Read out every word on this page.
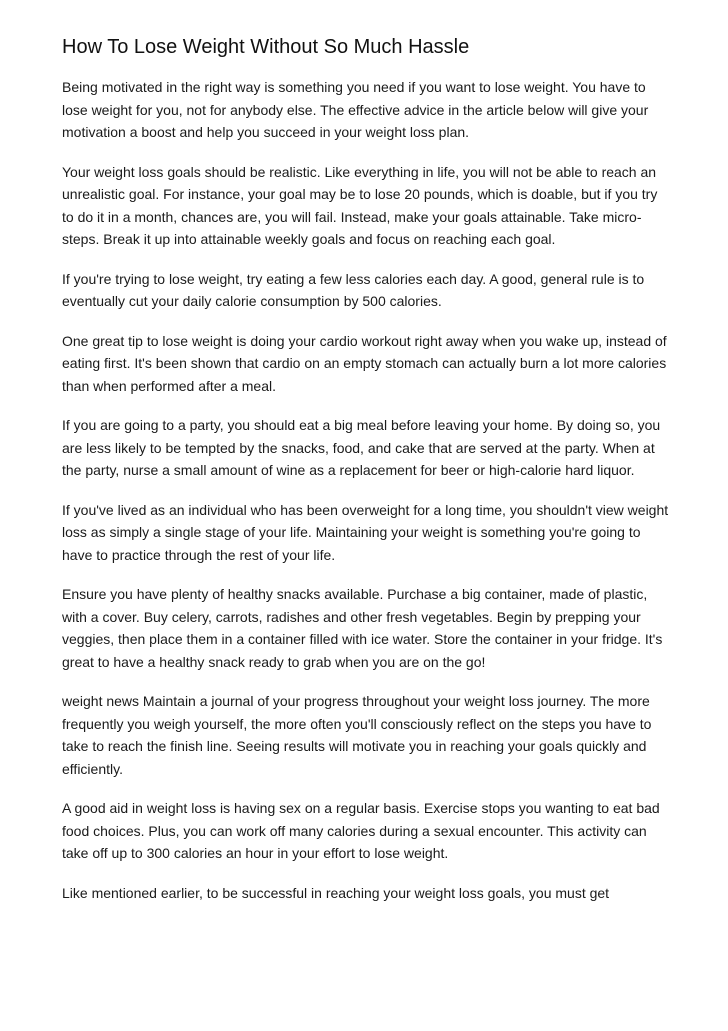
How To Lose Weight Without So Much Hassle

Being motivated in the right way is something you need if you want to lose weight. You have to lose weight for you, not for anybody else. The effective advice in the article below will give your motivation a boost and help you succeed in your weight loss plan.

Your weight loss goals should be realistic. Like everything in life, you will not be able to reach an unrealistic goal. For instance, your goal may be to lose 20 pounds, which is doable, but if you try to do it in a month, chances are, you will fail. Instead, make your goals attainable. Take micro-steps. Break it up into attainable weekly goals and focus on reaching each goal.

If you're trying to lose weight, try eating a few less calories each day. A good, general rule is to eventually cut your daily calorie consumption by 500 calories.

One great tip to lose weight is doing your cardio workout right away when you wake up, instead of eating first. It's been shown that cardio on an empty stomach can actually burn a lot more calories than when performed after a meal.

If you are going to a party, you should eat a big meal before leaving your home. By doing so, you are less likely to be tempted by the snacks, food, and cake that are served at the party. When at the party, nurse a small amount of wine as a replacement for beer or high-calorie hard liquor.

If you've lived as an individual who has been overweight for a long time, you shouldn't view weight loss as simply a single stage of your life. Maintaining your weight is something you're going to have to practice through the rest of your life.

Ensure you have plenty of healthy snacks available. Purchase a big container, made of plastic, with a cover. Buy celery, carrots, radishes and other fresh vegetables. Begin by prepping your veggies, then place them in a container filled with ice water. Store the container in your fridge. It's great to have a healthy snack ready to grab when you are on the go!

weight news Maintain a journal of your progress throughout your weight loss journey. The more frequently you weigh yourself, the more often you'll consciously reflect on the steps you have to take to reach the finish line. Seeing results will motivate you in reaching your goals quickly and efficiently.

A good aid in weight loss is having sex on a regular basis. Exercise stops you wanting to eat bad food choices. Plus, you can work off many calories during a sexual encounter. This activity can take off up to 300 calories an hour in your effort to lose weight.

Like mentioned earlier, to be successful in reaching your weight loss goals, you must get
